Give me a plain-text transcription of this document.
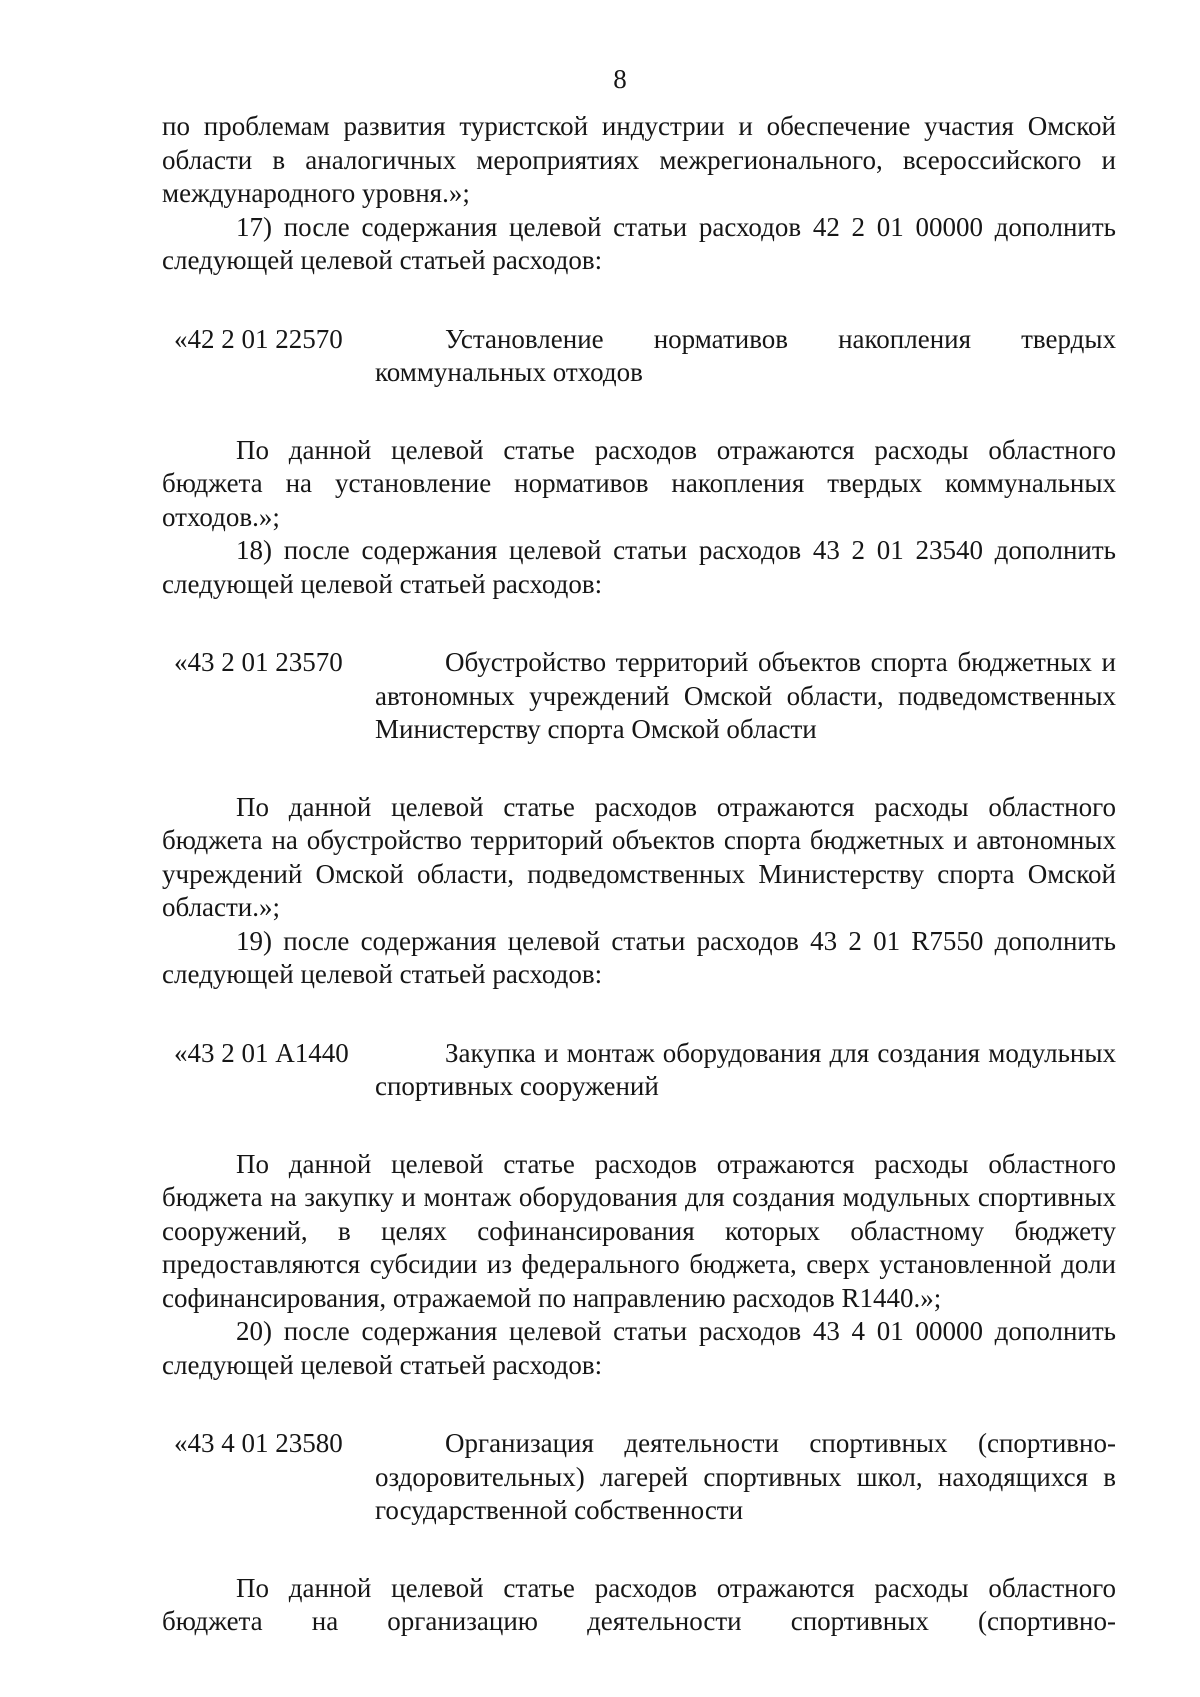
8

по проблемам развития туристской индустрии и обеспечение участия Омской области в аналогичных мероприятиях межрегионального, всероссийского и международного уровня.»;

17) после содержания целевой статьи расходов 42 2 01 00000 дополнить следующей целевой статьей расходов:

«42 2 01 22570	Установление нормативов накопления твердых коммунальных отходов

По данной целевой статье расходов отражаются расходы областного бюджета на установление нормативов накопления твердых коммунальных отходов.»;

18) после содержания целевой статьи расходов 43 2 01 23540 дополнить следующей целевой статьей расходов:

«43 2 01 23570	Обустройство территорий объектов спорта бюджетных и автономных учреждений Омской области, подведомственных Министерству спорта Омской области

По данной целевой статье расходов отражаются расходы областного бюджета на обустройство территорий объектов спорта бюджетных и автономных учреждений Омской области, подведомственных Министерству спорта Омской области.»;

19) после содержания целевой статьи расходов 43 2 01 R7550 дополнить следующей целевой статьей расходов:

«43 2 01 А1440	Закупка и монтаж оборудования для создания модульных спортивных сооружений

По данной целевой статье расходов отражаются расходы областного бюджета на закупку и монтаж оборудования для создания модульных спортивных сооружений, в целях софинансирования которых областному бюджету предоставляются субсидии из федерального бюджета, сверх установленной доли софинансирования, отражаемой по направлению расходов R1440.»;

20) после содержания целевой статьи расходов 43 4 01 00000 дополнить следующей целевой статьей расходов:

«43 4 01 23580	Организация деятельности спортивных (спортивно-оздоровительных) лагерей спортивных школ, находящихся в государственной собственности

По данной целевой статье расходов отражаются расходы областного бюджета на организацию деятельности спортивных (спортивно-
